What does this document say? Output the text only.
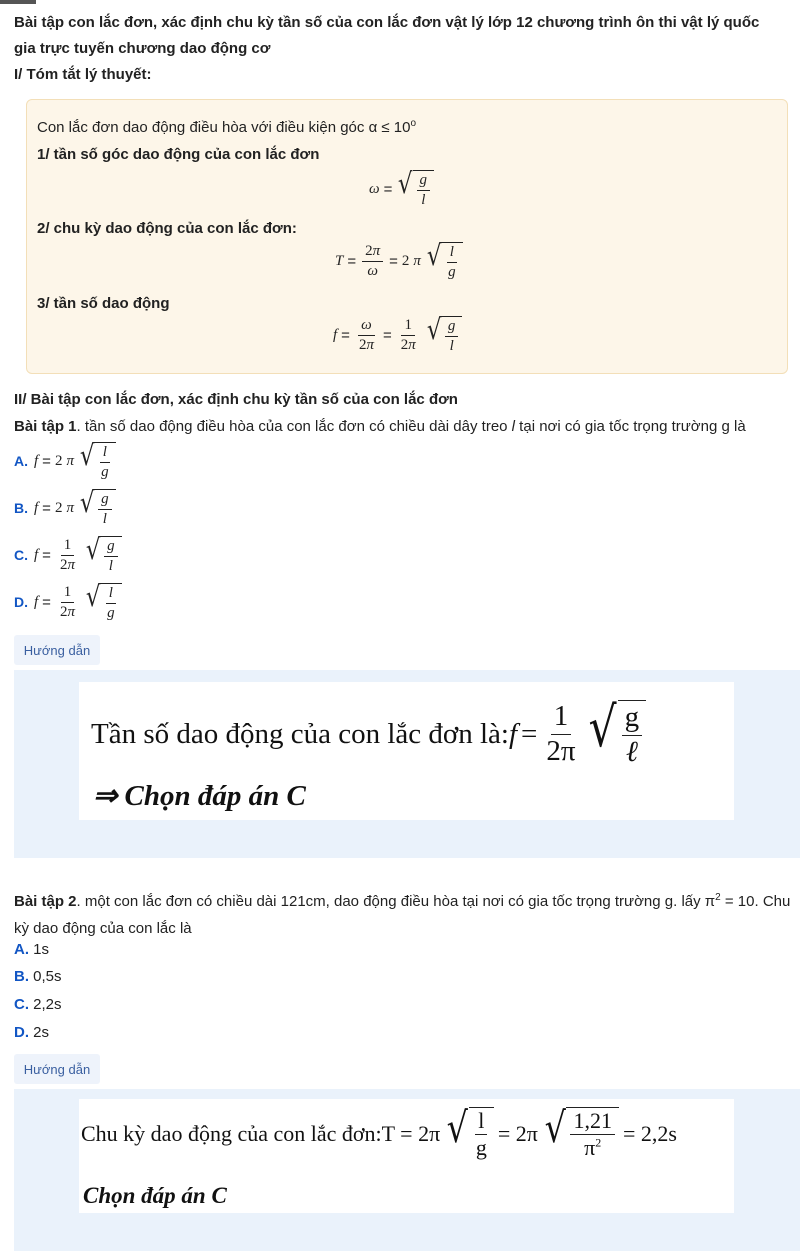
Bài tập con lắc đơn, xác định chu kỳ tần số của con lắc đơn vật lý lớp 12 chương trình ôn thi vật lý quốc gia trực tuyến chương dao động cơ
I/ Tóm tắt lý thuyết:
Con lắc đơn dao động điều hòa với điều kiện góc $\alpha \le 10^o$
1/ tần số góc dao động của con lắc đơn
ω = √ $\frac{g}{l}$
2/ chu kỳ dao động của con lắc đơn:
$T = \frac{2\pi}{\omega} = 2$ π √ $\frac{l}{g}$
3/ tần số dao động
$f = \frac{\omega}{2\pi} = \frac{1}{2\pi}$ √ $\frac{g}{l}$
II/ Bài tập con lắc đơn, xác định chu kỳ tần số của con lắc đơn
Bài tập 1. tần số dao động điều hòa của con lắc đơn có chiều dài dây treo l tại nơi có gia tốc trọng trường g là
A. f = 2 π √ $\frac{l}{g}$
B. f = 2 π √ $\frac{g}{l}$
C. $f = \frac{1}{2\pi}$ √ $\frac{g}{l}$
D. $f = \frac{1}{2\pi}$ √ $\frac{l}{g}$
Hướng dẫn
Tần số dao động của con lắc đơn là: $f = \frac{1}{2\pi}$ √ $\frac{g}{\text{ℓ}}$
⇒ Chọn đáp án C
Bài tập 2. một con lắc đơn có chiều dài 121cm, dao động điều hòa tại nơi có gia tốc trọng trường g. lấy $\pi^2 = 10$. Chu kỳ dao động của con lắc là
A. 1s
B. 0,5s
C. 2,2s
D. 2s
Hướng dẫn
Chu kỳ dao động của con lắc đơn: T = 2π √ $\frac{l}{g} = 2\pi$ √ $\frac{1,21}{\pi^2} = 2,2s$
Chọn đáp án C
